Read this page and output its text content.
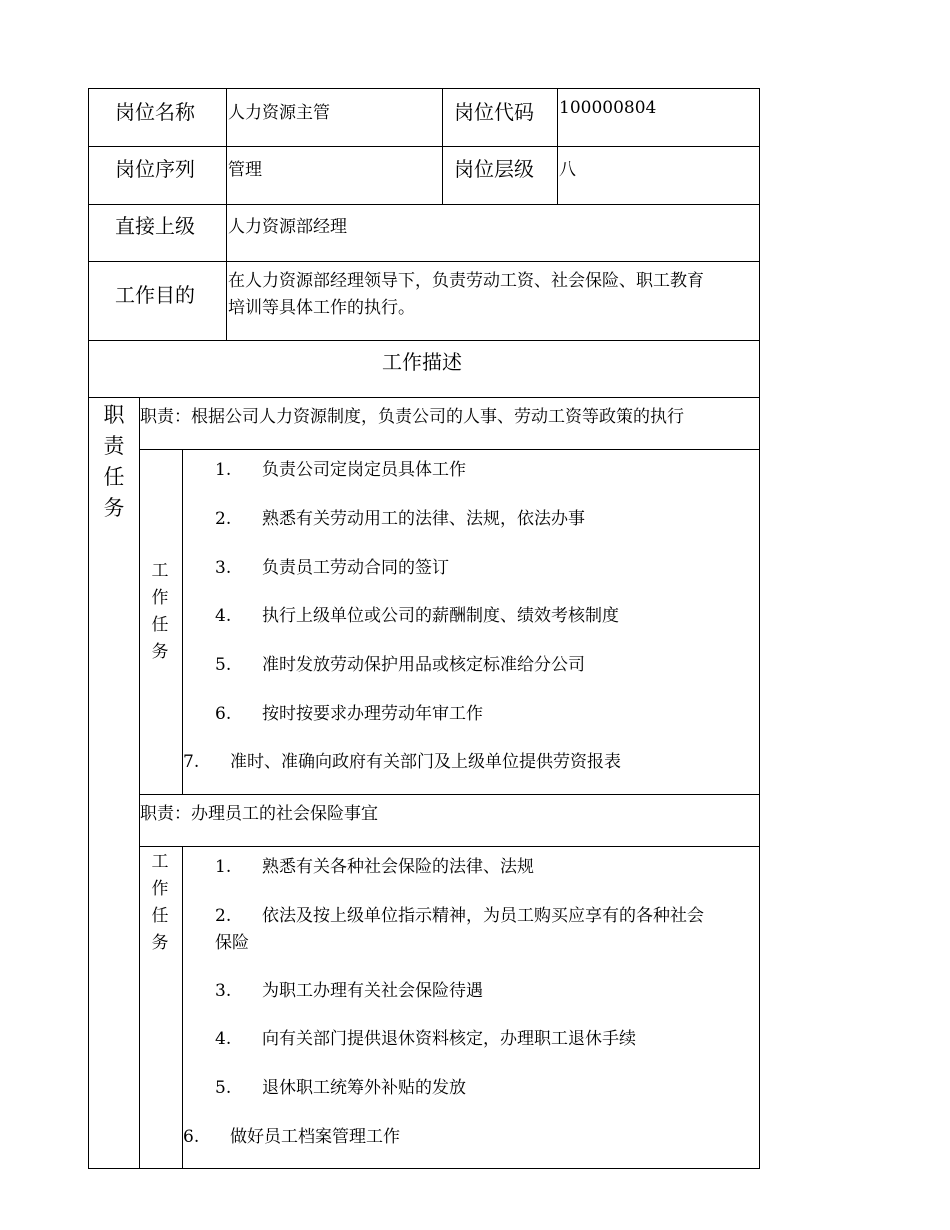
岗位名称 人力资源主管	岗位代码 100000804
岗位序列 管理	岗位层级 八
直接上级 人力资源部经理
工作目的
在人力资源部经理领导下，负责劳动工资、社会保险、职工教育
培训等具体工作的执行。
工作描述
职
责
任
务
职责：根据公司人力资源制度，负责公司的人事、劳动工资等政策的执行
工
作
任
务
1. 负责公司定岗定员具体工作
2. 熟悉有关劳动用工的法律、法规，依法办事
3. 负责员工劳动合同的签订
4. 执行上级单位或公司的薪酬制度、绩效考核制度
5. 准时发放劳动保护用品或核定标准给分公司
6. 按时按要求办理劳动年审工作
7. 准时、准确向政府有关部门及上级单位提供劳资报表
职责：办理员工的社会保险事宜
工
作
任
务
1. 熟悉有关各种社会保险的法律、法规
2. 依法及按上级单位指示精神，为员工购买应享有的各种社会
保险
3. 为职工办理有关社会保险待遇
4. 向有关部门提供退休资料核定，办理职工退休手续
5. 退休职工统筹外补贴的发放
6. 做好员工档案管理工作
